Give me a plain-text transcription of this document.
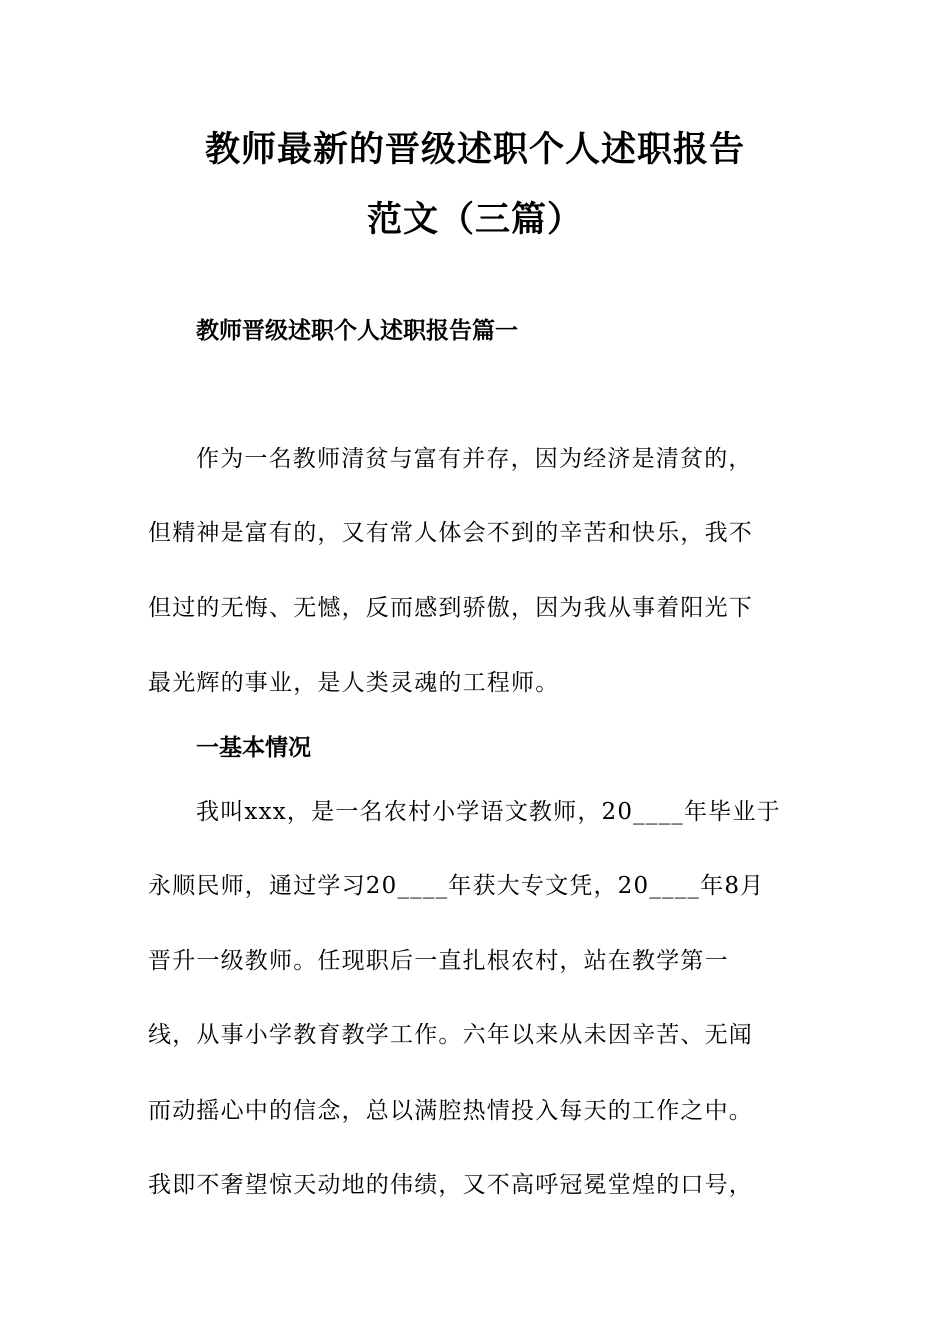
教师最新的晋级述职个人述职报告
范文（三篇）
教师晋级述职个人述职报告篇一
作为一名教师清贫与富有并存，因为经济是清贫的，
但精神是富有的，又有常人体会不到的辛苦和快乐，我不
但过的无悔、无憾，反而感到骄傲，因为我从事着阳光下
最光辉的事业，是人类灵魂的工程师。
一基本情况
我叫xxx，是一名农村小学语文教师，20____年毕业于
永顺民师，通过学习20____年获大专文凭，20____年8月
晋升一级教师。任现职后一直扎根农村，站在教学第一
线，从事小学教育教学工作。六年以来从未因辛苦、无闻
而动摇心中的信念，总以满腔热情投入每天的工作之中。
我即不奢望惊天动地的伟绩，又不高呼冠冕堂煌的口号，
